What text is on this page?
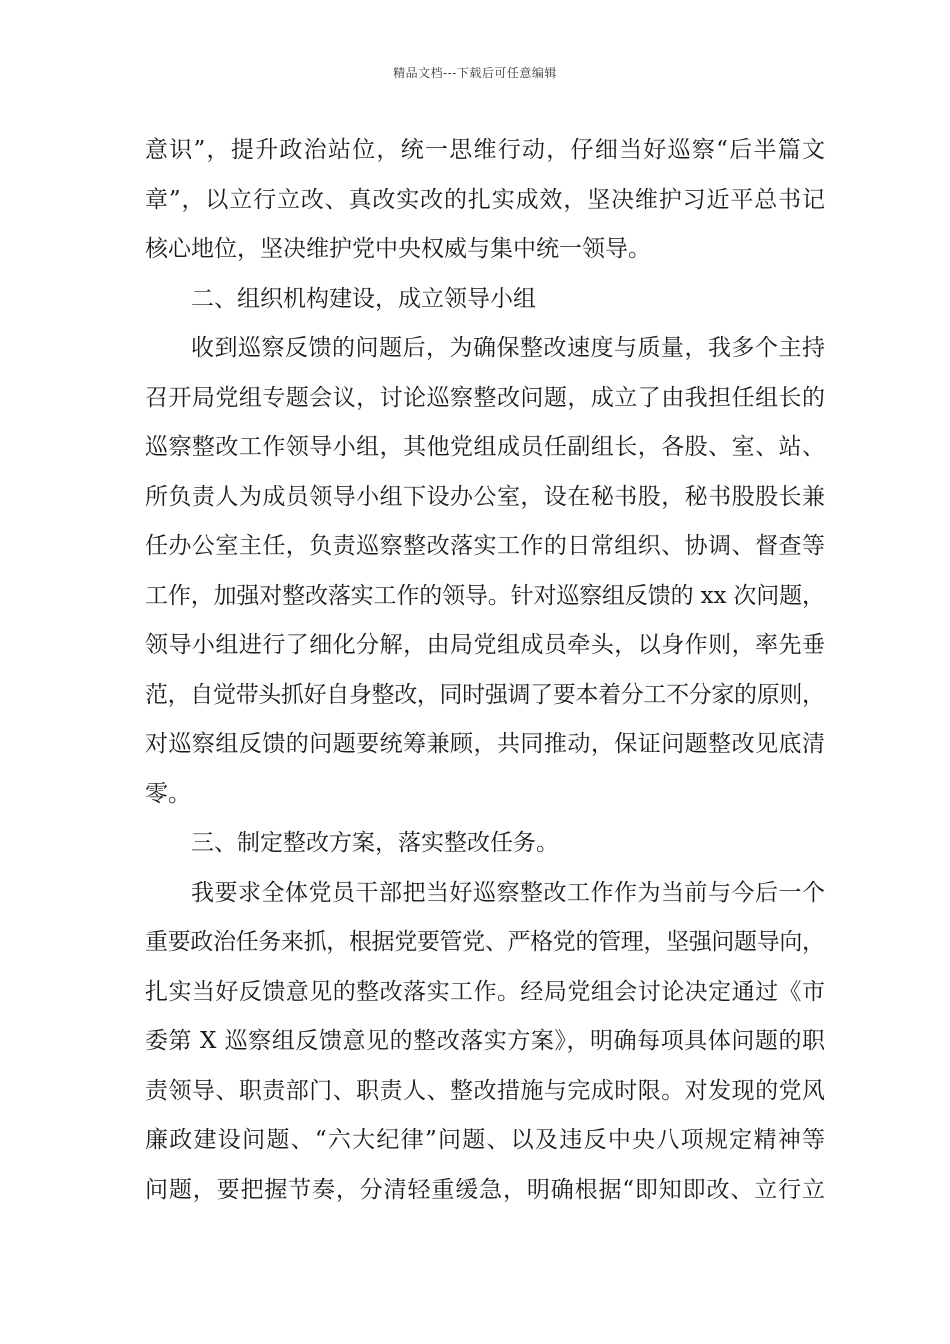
精品文档---下载后可任意编辑
意识”，提升政治站位，统一思维行动，仔细当好巡察“后半篇文
章”，以立行立改、真改实改的扎实成效，坚决维护习近平总书记
核心地位，坚决维护党中央权威与集中统一领导。
二、组织机构建设，成立领导小组
收到巡察反馈的问题后，为确保整改速度与质量，我多个主持
召开局党组专题会议，讨论巡察整改问题，成立了由我担任组长的
巡察整改工作领导小组，其他党组成员任副组长，各股、室、站、
所负责人为成员领导小组下设办公室，设在秘书股，秘书股股长兼
任办公室主任，负责巡察整改落实工作的日常组织、协调、督查等
工作，加强对整改落实工作的领导。针对巡察组反馈的 xx 次问题，
领导小组进行了细化分解，由局党组成员牵头，以身作则，率先垂
范，自觉带头抓好自身整改，同时强调了要本着分工不分家的原则，
对巡察组反馈的问题要统筹兼顾，共同推动，保证问题整改见底清
零。
三、制定整改方案，落实整改任务。
我要求全体党员干部把当好巡察整改工作作为当前与今后一个
重要政治任务来抓，根据党要管党、严格党的管理，坚强问题导向，
扎实当好反馈意见的整改落实工作。经局党组会讨论决定通过《市
委第 X 巡察组反馈意见的整改落实方案》，明确每项具体问题的职
责领导、职责部门、职责人、整改措施与完成时限。对发现的党风
廉政建设问题、“六大纪律”问题、以及违反中央八项规定精神等
问题，要把握节奏，分清轻重缓急，明确根据“即知即改、立行立
